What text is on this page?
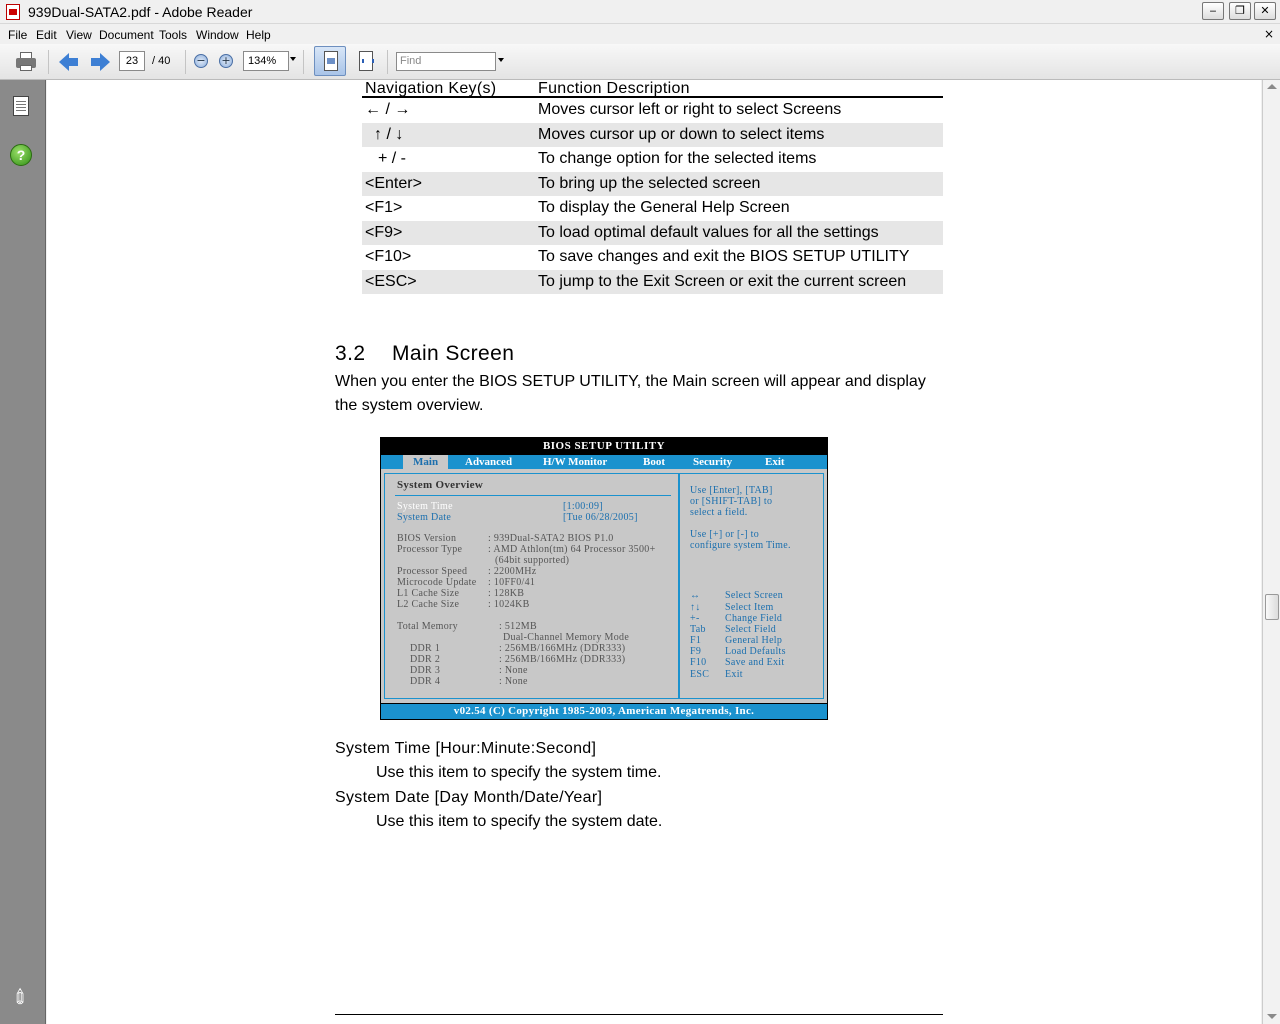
939Dual-SATA2.pdf - Adobe Reader	‒	❐	✕
File Edit View Document Tools Window Help	×
23	/ 40 − +	134%	Find
?
✐
Navigation Key(s)	Function Description
← / →	Moves cursor left or right to select Screens
↑ / ↓	Moves cursor up or down to select items
+ / -	To change option for the selected items
<Enter>	To bring up the selected screen
<F1>	To display the General Help Screen
<F9>	To load optimal default values for all the settings
<F10>	To save changes and exit the BIOS SETUP UTILITY
<ESC>	To jump to the Exit Screen or exit the current screen
3.2 Main Screen
When you enter the BIOS SETUP UTILITY, the Main screen will appear and display
the system overview.
BIOS SETUP UTILITY
Main	Advanced	H/W Monitor	Boot	Security	Exit
System Overview
System Time	[1:00:09]
System Date	[Tue 06/28/2005]
BIOS Version	: 939Dual-SATA2 BIOS P1.0
Processor Type	: AMD Athlon(tm) 64 Processor 3500+
(64bit supported)
Processor Speed : 2200MHz
Microcode Update : 10FF0/41
L1 Cache Size	: 128KB
L2 Cache Size	: 1024KB
Total Memory	: 512MB
Dual-Channel Memory Mode
DDR 1	: 256MB/166MHz (DDR333)
DDR 2	: 256MB/166MHz (DDR333)
DDR 3	: None
DDR 4	: None
Use [Enter], [TAB]
or [SHIFT-TAB] to
select a field.
Use [+] or [-] to
configure system Time.
↔ Select Screen
↑↓ Select Item
+-	Change Field
Tab Select Field
F1 General Help
F9 Load Defaults
F10 Save and Exit
ESC Exit
v02.54 (C) Copyright 1985-2003, American Megatrends, Inc.
System Time [Hour:Minute:Second]
Use this item to specify the system time.
System Date [Day Month/Date/Year]
Use this item to specify the system date.
